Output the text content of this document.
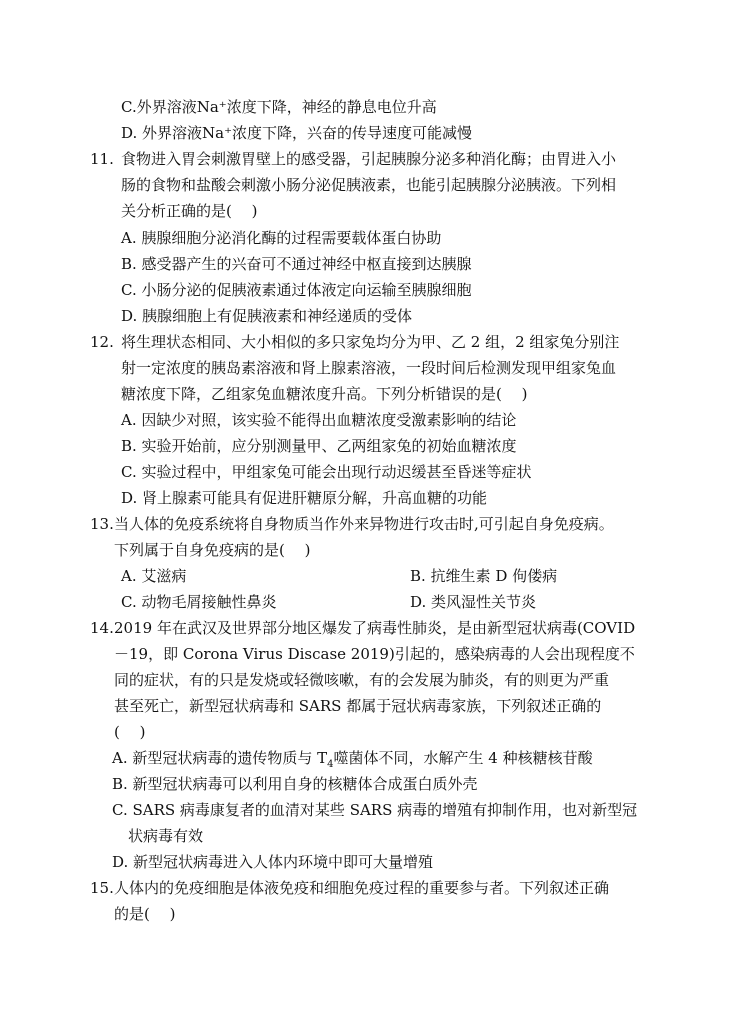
C.外界溶液Na⁺浓度下降，神经的静息电位升高
D. 外界溶液Na⁺浓度下降，兴奋的传导速度可能减慢
11. 食物进入胃会刺激胃壁上的感受器，引起胰腺分泌多种消化酶；由胃进入小
肠的食物和盐酸会刺激小肠分泌促胰液素，也能引起胰腺分泌胰液。下列相
关分析正确的是(　 )
A. 胰腺细胞分泌消化酶的过程需要载体蛋白协助
B. 感受器产生的兴奋可不通过神经中枢直接到达胰腺
C. 小肠分泌的促胰液素通过体液定向运输至胰腺细胞
D. 胰腺细胞上有促胰液素和神经递质的受体
12. 将生理状态相同、大小相似的多只家兔均分为甲、乙 2 组，2 组家兔分别注
射一定浓度的胰岛素溶液和肾上腺素溶液，一段时间后检测发现甲组家兔血
糖浓度下降，乙组家兔血糖浓度升高。下列分析错误的是(　 )
A. 因缺少对照，该实验不能得出血糖浓度受激素影响的结论
B. 实验开始前，应分别测量甲、乙两组家兔的初始血糖浓度
C. 实验过程中，甲组家兔可能会出现行动迟缓甚至昏迷等症状
D. 肾上腺素可能具有促进肝糖原分解，升高血糖的功能
13. 当人体的免疫系统将自身物质当作外来异物进行攻击时,可引起自身免疫病。
下列属于自身免疫病的是(　 )
A. 艾滋病	B. 抗维生素 D 佝偻病
C. 动物毛屑接触性鼻炎	D. 类风湿性关节炎
14. 2019 年在武汉及世界部分地区爆发了病毒性肺炎，是由新型冠状病毒(COVID
－19，即 Corona Virus Discase 2019)引起的，感染病毒的人会出现程度不
同的症状，有的只是发烧或轻微咳嗽，有的会发展为肺炎，有的则更为严重
甚至死亡，新型冠状病毒和 SARS 都属于冠状病毒家族，下列叙述正确的
(　 )
A. 新型冠状病毒的遗传物质与 $T_4$噬菌体不同，水解产生 4 种核糖核苷酸
B. 新型冠状病毒可以利用自身的核糖体合成蛋白质外壳
C. SARS 病毒康复者的血清对某些 SARS 病毒的增殖有抑制作用，也对新型冠
状病毒有效
D. 新型冠状病毒进入人体内环境中即可大量增殖
15. 人体内的免疫细胞是体液免疫和细胞免疫过程的重要参与者。下列叙述正确
的是(　 )
